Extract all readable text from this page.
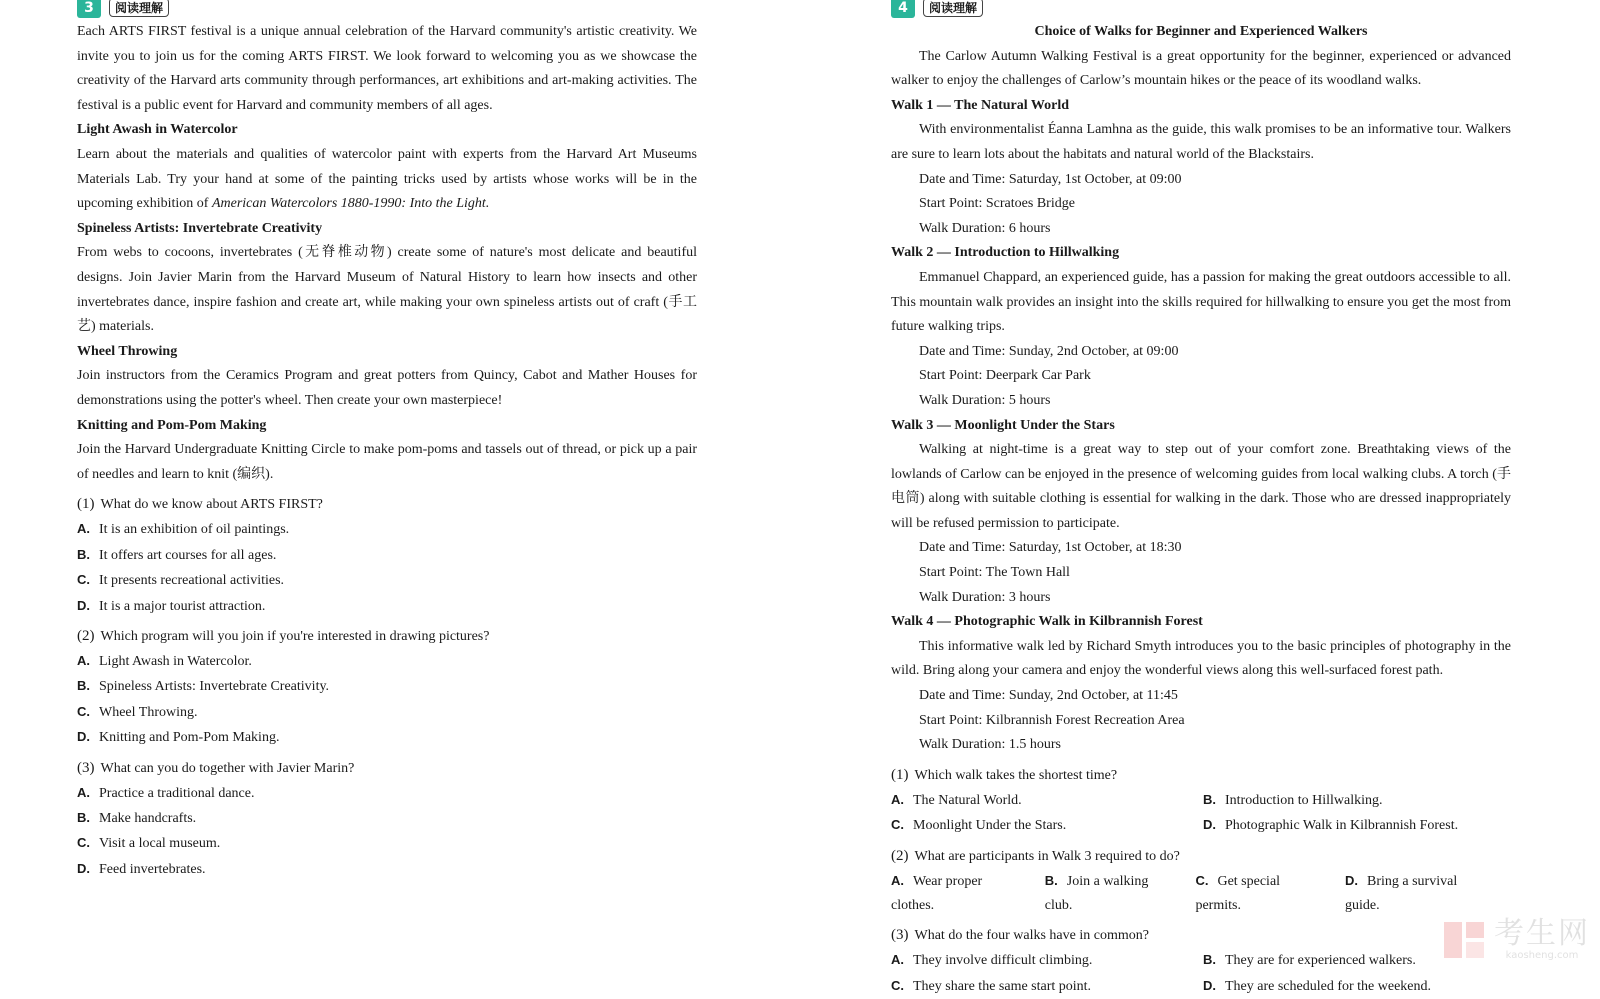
3	阅读理解

Each ARTS FIRST festival is a unique annual celebration of the Harvard community's artistic creativity. We invite you to join us for the coming ARTS FIRST. We look forward to welcoming you as we showcase the creativity of the Harvard arts community through performances, art exhibitions and art-making activities. The festival is a public event for Harvard and community members of all ages.

Light Awash in Watercolor

Learn about the materials and qualities of watercolor paint with experts from the Harvard Art Museums Materials Lab. Try your hand at some of the painting tricks used by artists whose works will be in the upcoming exhibition of American Watercolors 1880-1990: Into the Light.

Spineless Artists: Invertebrate Creativity

From webs to cocoons, invertebrates (无脊椎动物) create some of nature's most delicate and beautiful designs. Join Javier Marin from the Harvard Museum of Natural History to learn how insects and other invertebrates dance, inspire fashion and create art, while making your own spineless artists out of craft (手工艺) materials.

Wheel Throwing

Join instructors from the Ceramics Program and great potters from Quincy, Cabot and Mather Houses for demonstrations using the potter's wheel. Then create your own masterpiece!

Knitting and Pom-Pom Making

Join the Harvard Undergraduate Knitting Circle to make pom-poms and tassels out of thread, or pick up a pair of needles and learn to knit (编织).

(1) What do we know about ARTS FIRST?
A. It is an exhibition of oil paintings.
B. It offers art courses for all ages.
C. It presents recreational activities.
D. It is a major tourist attraction.
(2) Which program will you join if you're interested in drawing pictures?
A. Light Awash in Watercolor.
B. Spineless Artists: Invertebrate Creativity.
C. Wheel Throwing.
D. Knitting and Pom-Pom Making.
(3) What can you do together with Javier Marin?
A. Practice a traditional dance.
B. Make handcrafts.
C. Visit a local museum.
D. Feed invertebrates.
4	阅读理解

Choice of Walks for Beginner and Experienced Walkers

The Carlow Autumn Walking Festival is a great opportunity for the beginner, experienced or advanced walker to enjoy the challenges of Carlow’s mountain hikes or the peace of its woodland walks.

Walk 1 — The Natural World

With environmentalist Éanna Lamhna as the guide, this walk promises to be an informative tour. Walkers are sure to learn lots about the habitats and natural world of the Blackstairs.

Date and Time: Saturday, 1st October, at 09:00

Start Point: Scratoes Bridge

Walk Duration: 6 hours

Walk 2 — Introduction to Hillwalking

Emmanuel Chappard, an experienced guide, has a passion for making the great outdoors accessible to all. This mountain walk provides an insight into the skills required for hillwalking to ensure you get the most from future walking trips.

Date and Time: Sunday, 2nd October, at 09:00

Start Point: Deerpark Car Park

Walk Duration: 5 hours

Walk 3 — Moonlight Under the Stars

Walking at night-time is a great way to step out of your comfort zone. Breathtaking views of the lowlands of Carlow can be enjoyed in the presence of welcoming guides from local walking clubs. A torch (手电筒) along with suitable clothing is essential for walking in the dark. Those who are dressed inappropriately will be refused permission to participate.

Date and Time: Saturday, 1st October, at 18:30

Start Point: The Town Hall

Walk Duration: 3 hours

Walk 4 — Photographic Walk in Kilbrannish Forest

This informative walk led by Richard Smyth introduces you to the basic principles of photography in the wild. Bring along your camera and enjoy the wonderful views along this well-surfaced forest path.

Date and Time: Sunday, 2nd October, at 11:45

Start Point: Kilbrannish Forest Recreation Area

Walk Duration: 1.5 hours

(1) Which walk takes the shortest time?
A. The Natural World.	B. Introduction to Hillwalking.
C. Moonlight Under the Stars.	D. Photographic Walk in Kilbrannish Forest.
(2) What are participants in Walk 3 required to do?
A. Wear proper clothes.
B. Join a walking club.
C. Get special permits.
D. Bring a survival guide.
(3) What do the four walks have in common?
A. They involve difficult climbing.	B. They are for experienced walkers.
C. They share the same start point.	D. They are scheduled for the weekend.
考生网
kaosheng.com
